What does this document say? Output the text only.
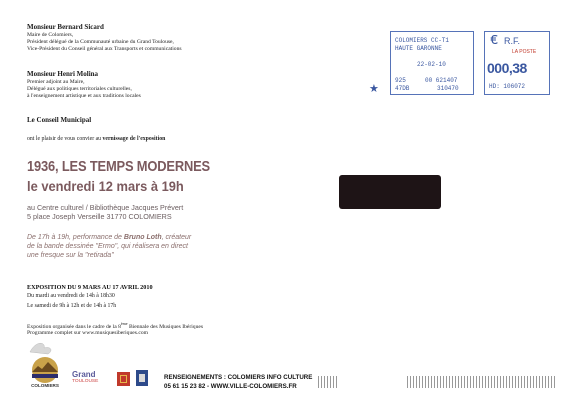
Monsieur Bernard Sicard
Maire de Colomiers,
Président délégué de la Communauté urbaine du Grand Toulouse,
Vice-Président du Conseil général aux Transports et communications
Monsieur Henri Molina
Premier adjoint au Maire,
Délégué aux politiques territoriales culturelles,
à l'enseignement artistique et aux traditions locales
Le Conseil Municipal
ont le plaisir de vous convier au vernissage de l'exposition
1936, LES TEMPS MODERNES
le vendredi 12 mars à 19h
au Centre culturel / Bibliothèque Jacques Prévert
5 place Joseph Verseille 31770 COLOMIERS
De 17h à 19h, performance de Bruno Loth, créateur
de la bande dessinée "Ermo", qui réalisera en direct
une fresque sur la "retirada"
EXPOSITION DU 9 MARS AU 17 AVRIL 2010
Du mardi au vendredi de 14h à 18h30
Le samedi de 9h à 12h et de 14h à 17h
Exposition organisée dans le cadre de la 8ème Biennale des Musiques Ibériques
Programme complet sur www.musiquesiberiques.com
COLOMIERS
Grand
TOULOUSE
RENSEIGNEMENTS : COLOMIERS INFO CULTURE
05 61 15 23 82 - WWW.VILLE-COLOMIERS.FR
COLOMIERS CC-T1
HAUTE GARONNE
22-02-10
925	00 621407
47DB	310470
€ R.F.
LA POSTE
000,38
HD: 106072
★
